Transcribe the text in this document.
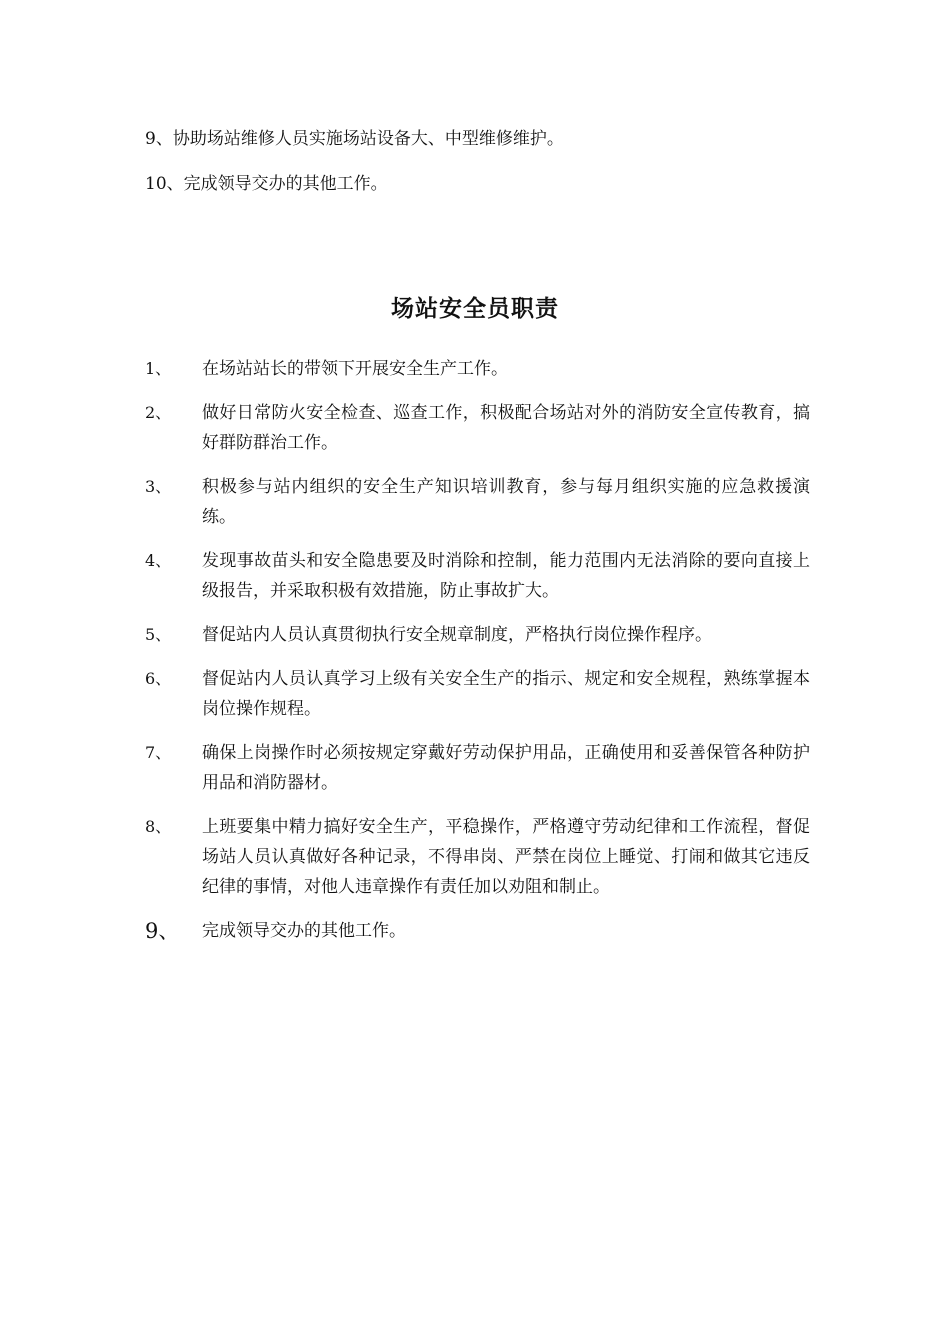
9、协助场站维修人员实施场站设备大、中型维修维护。
10、完成领导交办的其他工作。
场站安全员职责
1、 在场站站长的带领下开展安全生产工作。
2、 做好日常防火安全检查、巡查工作，积极配合场站对外的消防安全宣传教育，搞好群防群治工作。
3、 积极参与站内组织的安全生产知识培训教育，参与每月组织实施的应急救援演练。
4、 发现事故苗头和安全隐患要及时消除和控制，能力范围内无法消除的要向直接上级报告，并采取积极有效措施，防止事故扩大。
5、 督促站内人员认真贯彻执行安全规章制度，严格执行岗位操作程序。
6、 督促站内人员认真学习上级有关安全生产的指示、规定和安全规程，熟练掌握本岗位操作规程。
7、 确保上岗操作时必须按规定穿戴好劳动保护用品，正确使用和妥善保管各种防护用品和消防器材。
8、 上班要集中精力搞好安全生产，平稳操作，严格遵守劳动纪律和工作流程，督促场站人员认真做好各种记录，不得串岗、严禁在岗位上睡觉、打闹和做其它违反纪律的事情，对他人违章操作有责任加以劝阻和制止。
9、 完成领导交办的其他工作。
